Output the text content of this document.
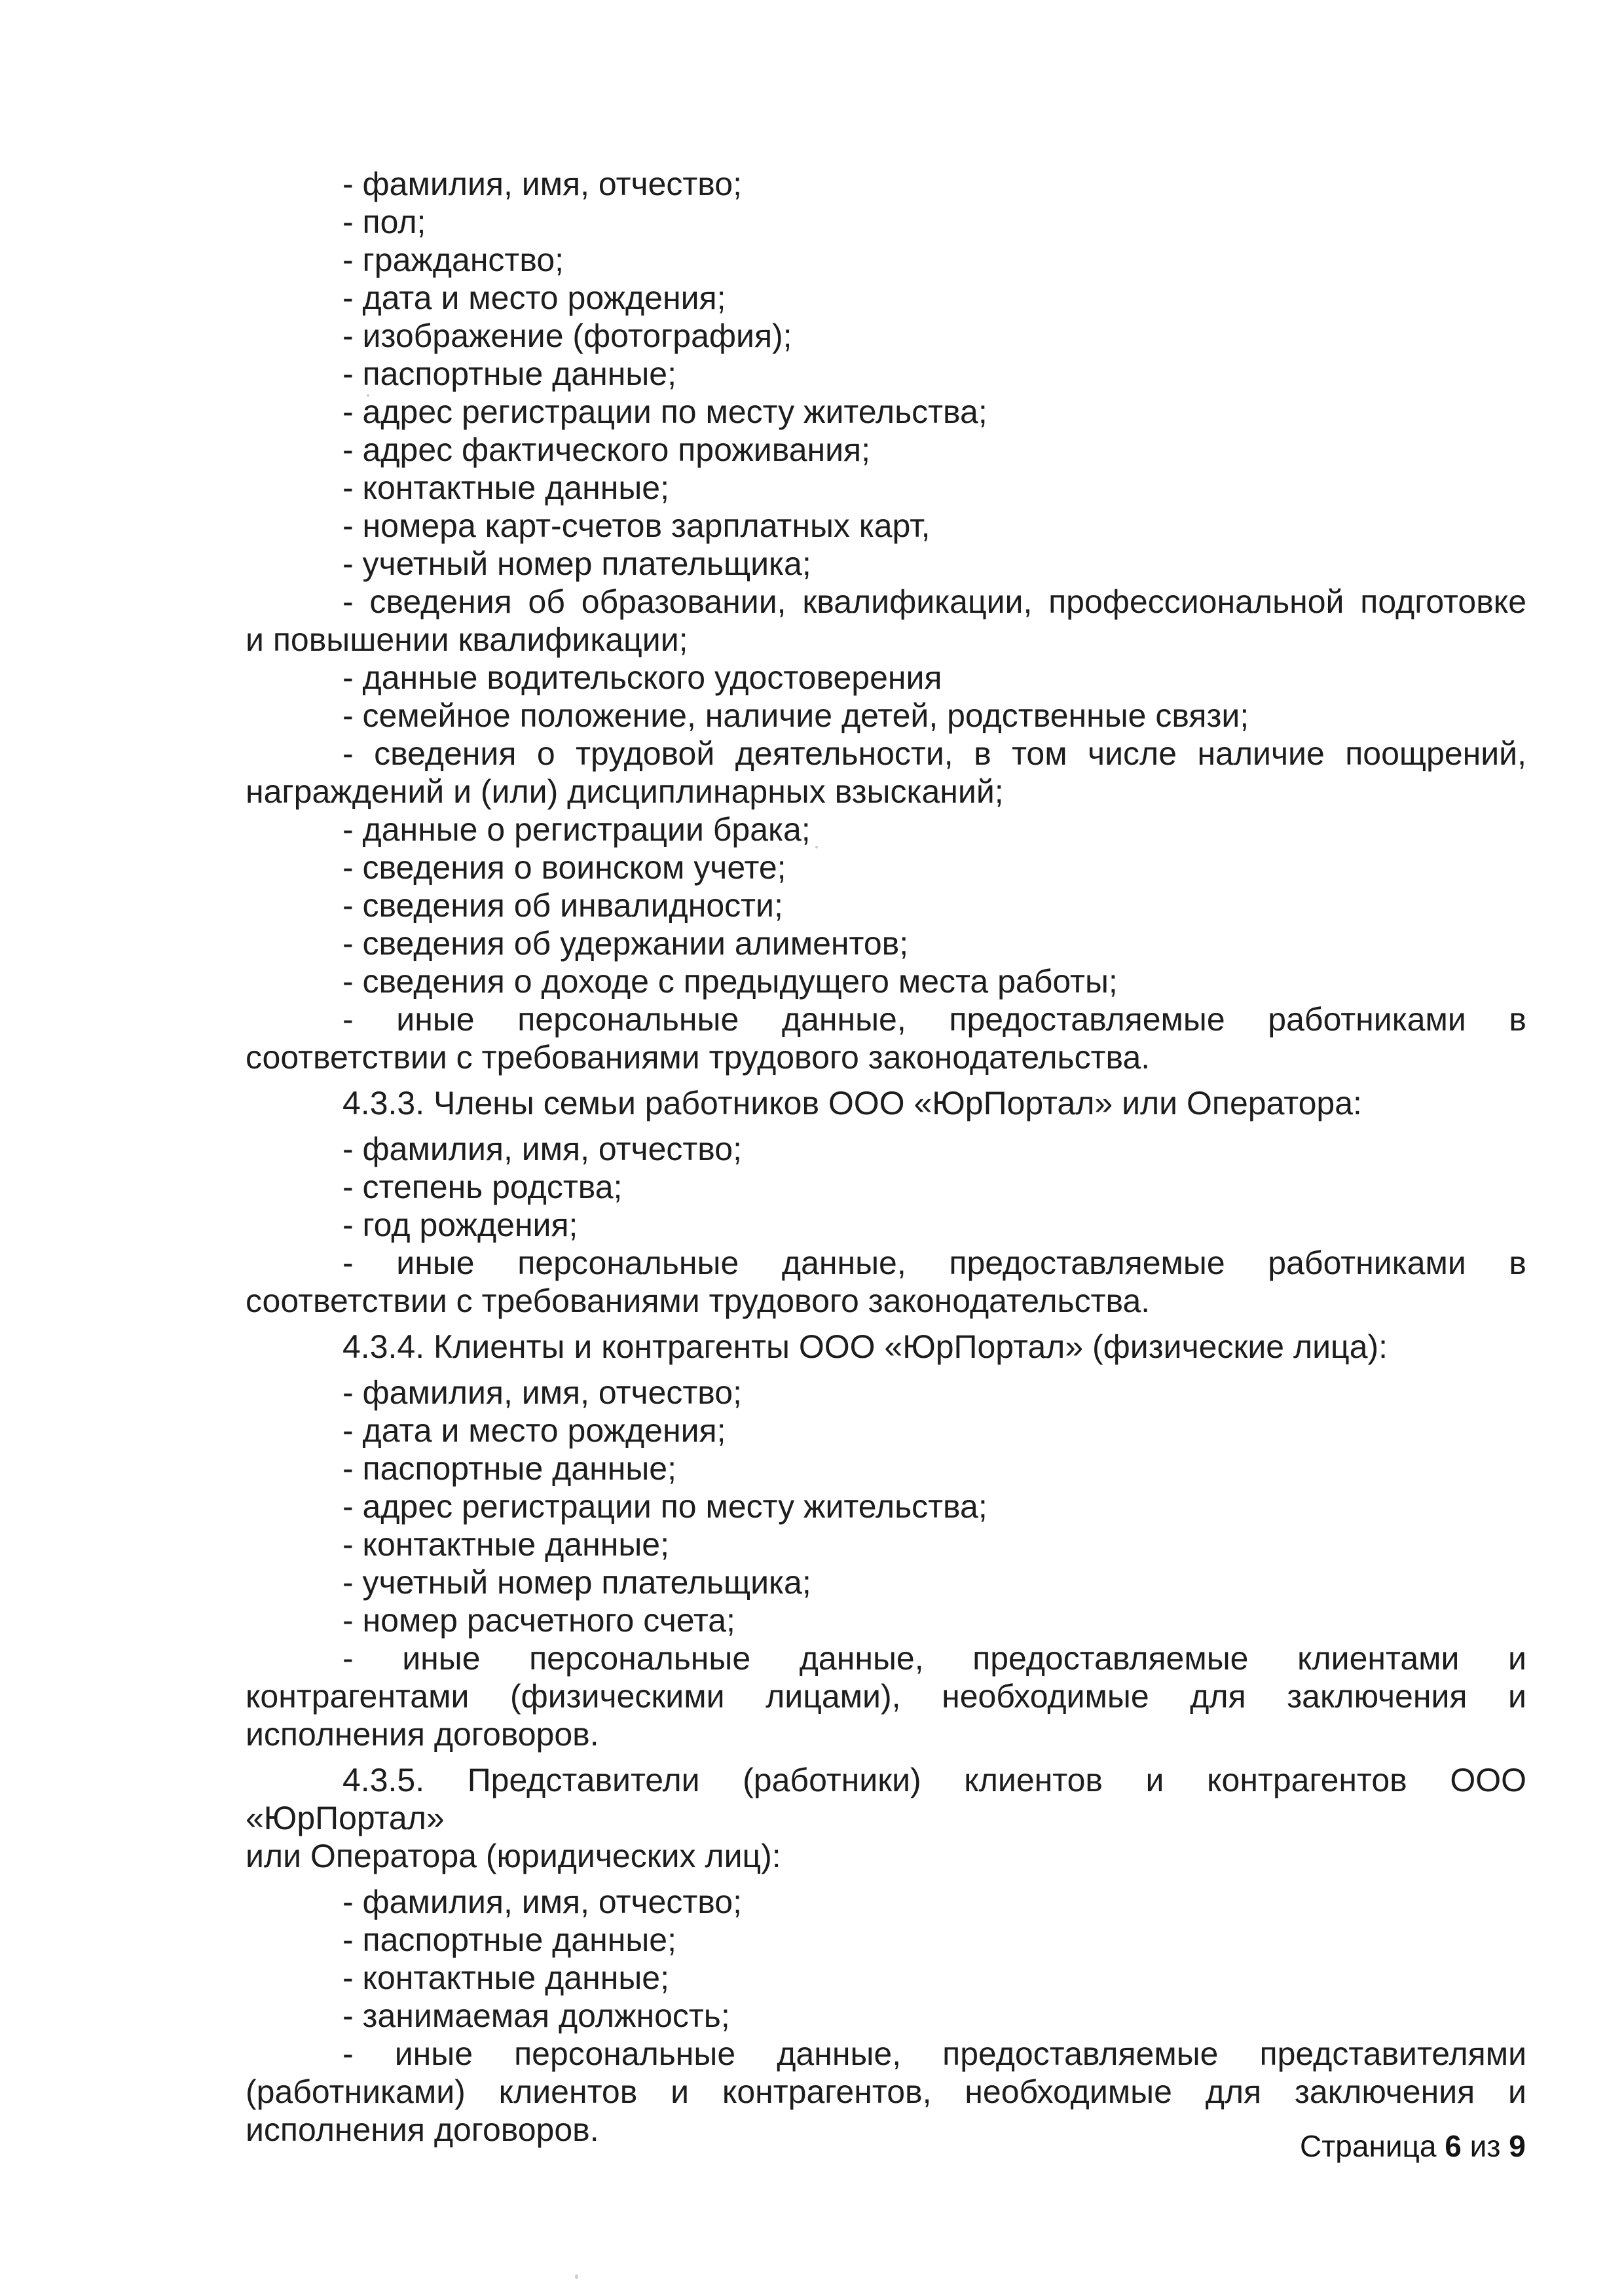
- фамилия, имя, отчество;

- пол;

- гражданство;

- дата и место рождения;

- изображение (фотография);

- паспортные данные;

- адрес регистрации по месту жительства;

- адрес фактического проживания;

- контактные данные;

- номера карт-счетов зарплатных карт,

- учетный номер плательщика;

- сведения об образовании, квалификации, профессиональной подготовке

и повышении квалификации;

- данные водительского удостоверения

- семейное положение, наличие детей, родственные связи;

- сведения о трудовой деятельности, в том числе наличие поощрений,

награждений и (или) дисциплинарных взысканий;

- данные о регистрации брака;

- сведения о воинском учете;

- сведения об инвалидности;

- сведения об удержании алиментов;

- сведения о доходе с предыдущего места работы;

- иные персональные данные, предоставляемые работниками в

соответствии с требованиями трудового законодательства.

4.3.3. Члены семьи работников ООО «ЮрПортал» или Оператора:

- фамилия, имя, отчество;

- степень родства;

- год рождения;

- иные персональные данные, предоставляемые работниками в

соответствии с требованиями трудового законодательства.

4.3.4. Клиенты и контрагенты ООО «ЮрПортал» (физические лица):

- фамилия, имя, отчество;

- дата и место рождения;

- паспортные данные;

- адрес регистрации по месту жительства;

- контактные данные;

- учетный номер плательщика;

- номер расчетного счета;

- иные персональные данные, предоставляемые клиентами и

контрагентами (физическими лицами), необходимые для заключения и

исполнения договоров.

4.3.5. Представители (работники) клиентов и контрагентов ООО «ЮрПортал»

или Оператора (юридических лиц):

- фамилия, имя, отчество;

- паспортные данные;

- контактные данные;

- занимаемая должность;

- иные персональные данные, предоставляемые представителями

(работниками) клиентов и контрагентов, необходимые для заключения и

исполнения договоров.	Страница 6 из 9
